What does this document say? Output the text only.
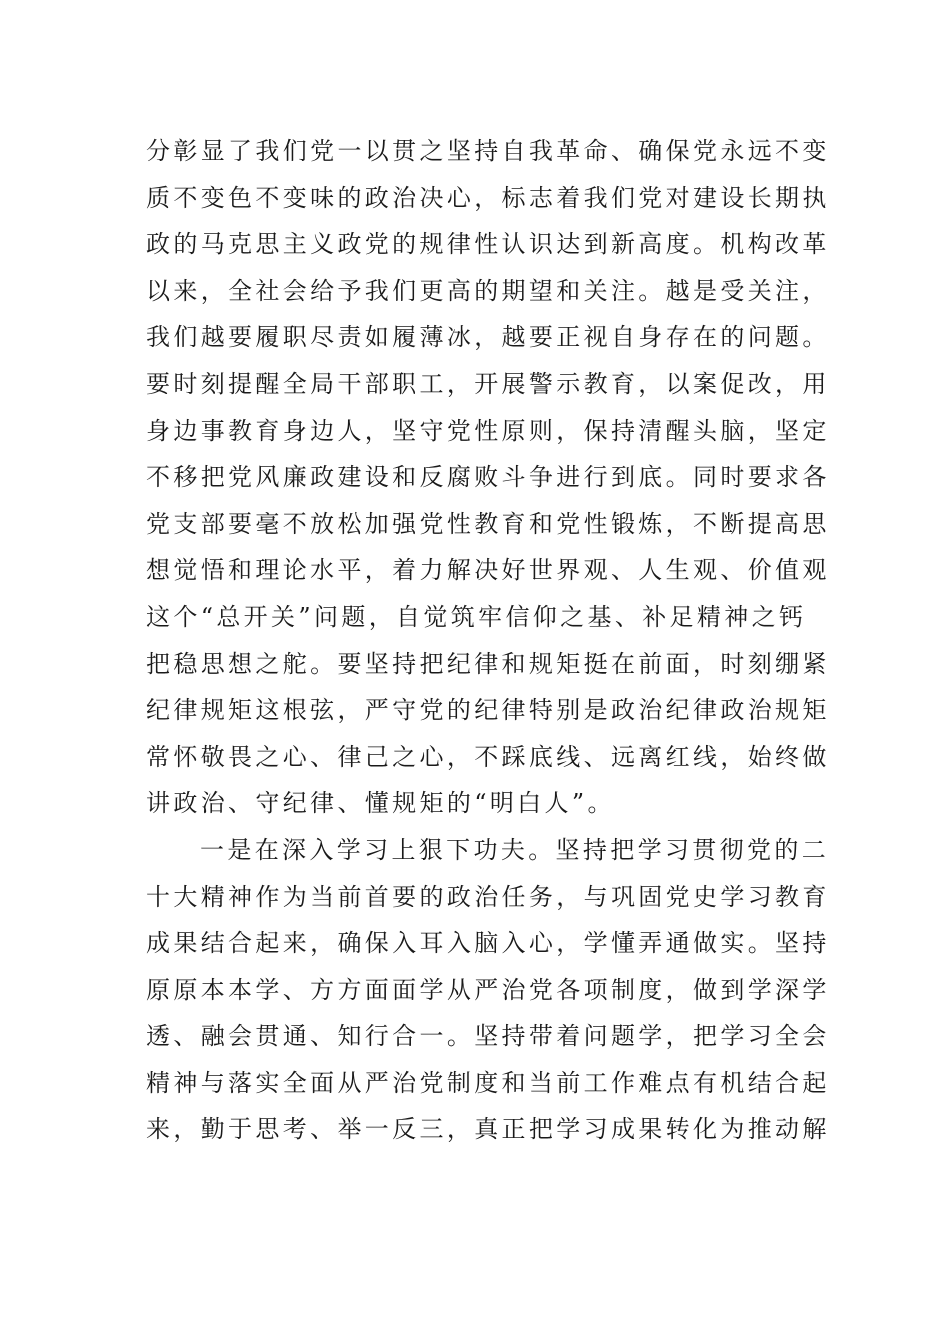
分彰显了我们党一以贯之坚持自我革命、确保党永远不变
质不变色不变味的政治决心，标志着我们党对建设长期执
政的马克思主义政党的规律性认识达到新高度。机构改革
以来，全社会给予我们更高的期望和关注。越是受关注，
我们越要履职尽责如履薄冰，越要正视自身存在的问题。
要时刻提醒全局干部职工，开展警示教育，以案促改，用
身边事教育身边人，坚守党性原则，保持清醒头脑，坚定
不移把党风廉政建设和反腐败斗争进行到底。同时要求各
党支部要毫不放松加强党性教育和党性锻炼，不断提高思
想觉悟和理论水平，着力解决好世界观、人生观、价值观
这个“总开关”问题，自觉筑牢信仰之基、补足精神之钙
把稳思想之舵。要坚持把纪律和规矩挺在前面，时刻绷紧
纪律规矩这根弦，严守党的纪律特别是政治纪律政治规矩
常怀敬畏之心、律己之心，不踩底线、远离红线，始终做
讲政治、守纪律、懂规矩的“明白人”。
一是在深入学习上狠下功夫。坚持把学习贯彻党的二
十大精神作为当前首要的政治任务，与巩固党史学习教育
成果结合起来，确保入耳入脑入心，学懂弄通做实。坚持
原原本本学、方方面面学从严治党各项制度，做到学深学
透、融会贯通、知行合一。坚持带着问题学，把学习全会
精神与落实全面从严治党制度和当前工作难点有机结合起
来，勤于思考、举一反三，真正把学习成果转化为推动解
